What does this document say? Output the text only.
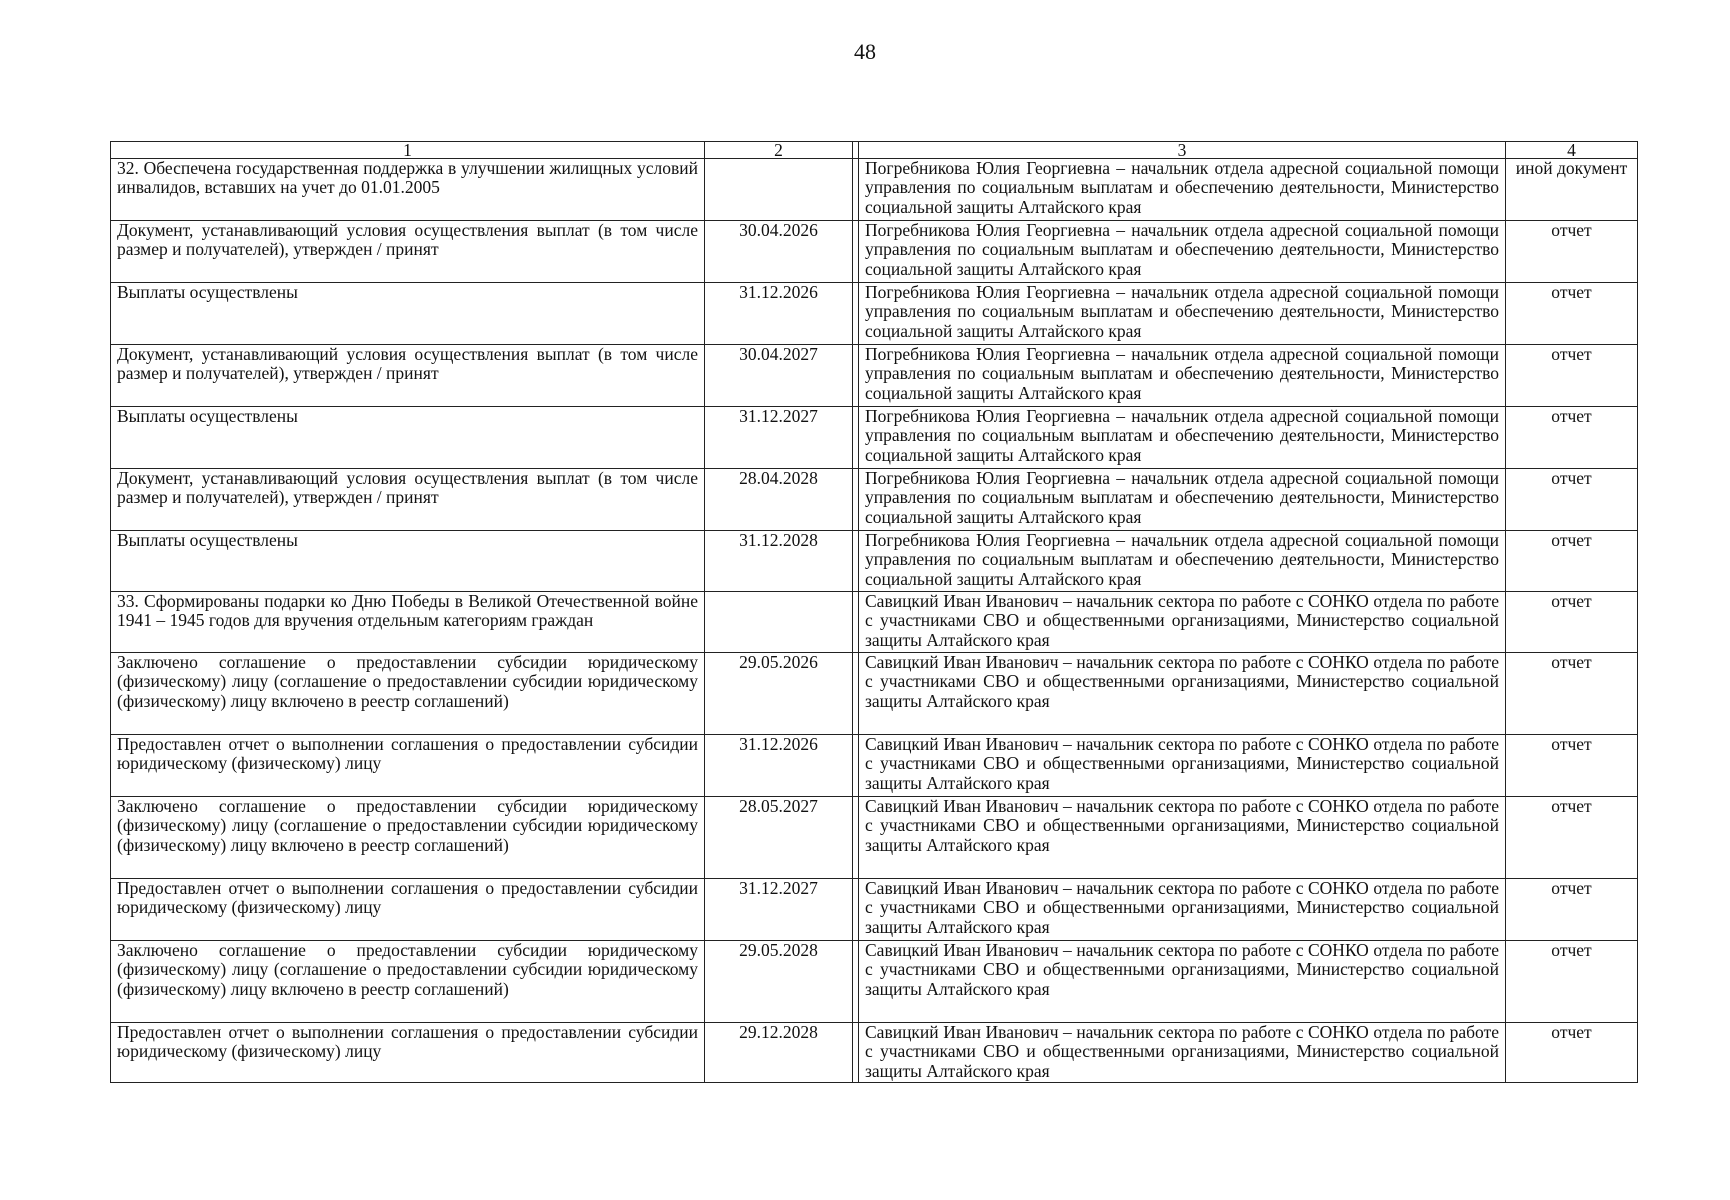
48
1	2		3	4
32. Обеспечена государственная поддержка в улучшении жилищных условий инвалидов, вставших на учет до 01.01.2005			Погребникова Юлия Георгиевна – начальник отдела адресной социальной помощи управления по социальным выплатам и обеспечению деятельности, Министерство социальной защиты Алтайского края	иной документ
Документ, устанавливающий условия осуществления выплат (в том числе размер и получателей), утвержден / принят	30.04.2026		Погребникова Юлия Георгиевна – начальник отдела адресной социальной помощи управления по социальным выплатам и обеспечению деятельности, Министерство социальной защиты Алтайского края	отчет
Выплаты осуществлены	31.12.2026		Погребникова Юлия Георгиевна – начальник отдела адресной социальной помощи управления по социальным выплатам и обеспечению деятельности, Министерство социальной защиты Алтайского края	отчет
Документ, устанавливающий условия осуществления выплат (в том числе размер и получателей), утвержден / принят	30.04.2027		Погребникова Юлия Георгиевна – начальник отдела адресной социальной помощи управления по социальным выплатам и обеспечению деятельности, Министерство социальной защиты Алтайского края	отчет
Выплаты осуществлены	31.12.2027		Погребникова Юлия Георгиевна – начальник отдела адресной социальной помощи управления по социальным выплатам и обеспечению деятельности, Министерство социальной защиты Алтайского края	отчет
Документ, устанавливающий условия осуществления выплат (в том числе размер и получателей), утвержден / принят	28.04.2028		Погребникова Юлия Георгиевна – начальник отдела адресной социальной помощи управления по социальным выплатам и обеспечению деятельности, Министерство социальной защиты Алтайского края	отчет
Выплаты осуществлены	31.12.2028		Погребникова Юлия Георгиевна – начальник отдела адресной социальной помощи управления по социальным выплатам и обеспечению деятельности, Министерство социальной защиты Алтайского края	отчет
33. Сформированы подарки ко Дню Победы в Великой Отечественной войне 1941 – 1945 годов для вручения отдельным категориям граждан			Савицкий Иван Иванович – начальник сектора по работе с СОНКО отдела по работе с участниками СВО и общественными организациями, Министерство социальной защиты Алтайского края	отчет
Заключено соглашение о предоставлении субсидии юридическому (физическому) лицу (соглашение о предоставлении субсидии юридическому (физическому) лицу включено в реестр соглашений)	29.05.2026		Савицкий Иван Иванович – начальник сектора по работе с СОНКО отдела по работе с участниками СВО и общественными организациями, Министерство социальной защиты Алтайского края	отчет
Предоставлен отчет о выполнении соглашения о предоставлении субсидии юридическому (физическому) лицу	31.12.2026		Савицкий Иван Иванович – начальник сектора по работе с СОНКО отдела по работе с участниками СВО и общественными организациями, Министерство социальной защиты Алтайского края	отчет
Заключено соглашение о предоставлении субсидии юридическому (физическому) лицу (соглашение о предоставлении субсидии юридическому (физическому) лицу включено в реестр соглашений)	28.05.2027		Савицкий Иван Иванович – начальник сектора по работе с СОНКО отдела по работе с участниками СВО и общественными организациями, Министерство социальной защиты Алтайского края	отчет
Предоставлен отчет о выполнении соглашения о предоставлении субсидии юридическому (физическому) лицу	31.12.2027		Савицкий Иван Иванович – начальник сектора по работе с СОНКО отдела по работе с участниками СВО и общественными организациями, Министерство социальной защиты Алтайского края	отчет
Заключено соглашение о предоставлении субсидии юридическому (физическому) лицу (соглашение о предоставлении субсидии юридическому (физическому) лицу включено в реестр соглашений)	29.05.2028		Савицкий Иван Иванович – начальник сектора по работе с СОНКО отдела по работе с участниками СВО и общественными организациями, Министерство социальной защиты Алтайского края	отчет
Предоставлен отчет о выполнении соглашения о предоставлении субсидии юридическому (физическому) лицу	29.12.2028		Савицкий Иван Иванович – начальник сектора по работе с СОНКО отдела по работе с участниками СВО и общественными организациями, Министерство социальной защиты Алтайского края	отчет
